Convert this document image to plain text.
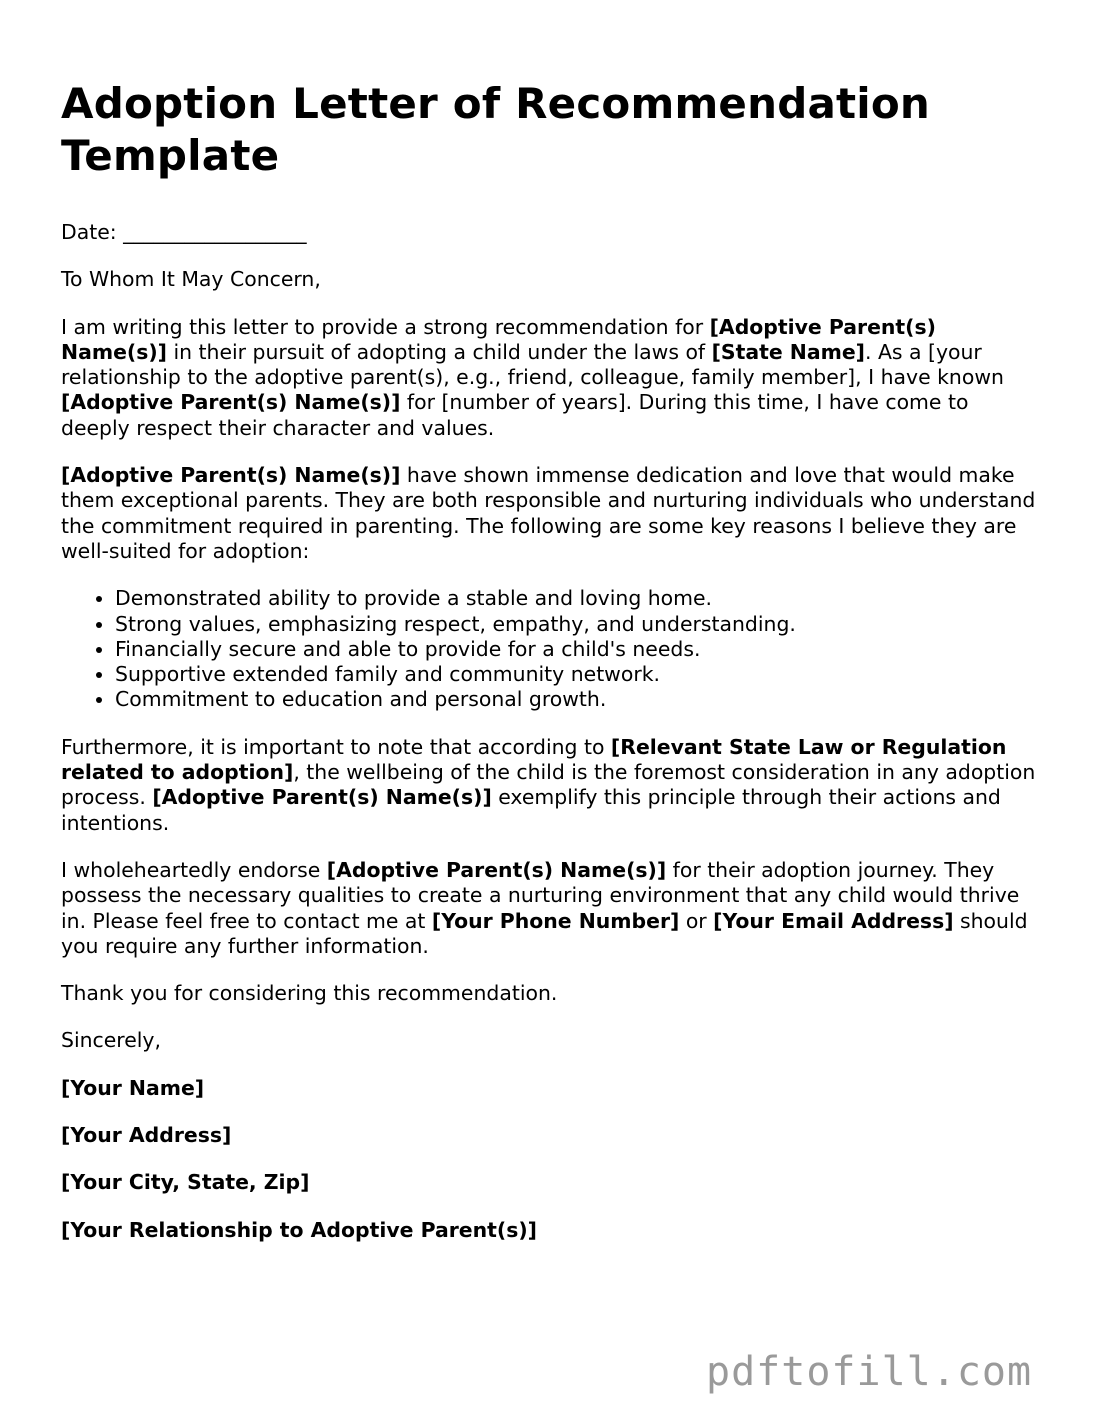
Adoption Letter of Recommendation Template

Date: __________________

To Whom It May Concern,

I am writing this letter to provide a strong recommendation for [Adoptive Parent(s) Name(s)] in their pursuit of adopting a child under the laws of [State Name]. As a [your relationship to the adoptive parent(s), e.g., friend, colleague, family member], I have known [Adoptive Parent(s) Name(s)] for [number of years]. During this time, I have come to deeply respect their character and values.

[Adoptive Parent(s) Name(s)] have shown immense dedication and love that would make them exceptional parents. They are both responsible and nurturing individuals who understand the commitment required in parenting. The following are some key reasons I believe they are well-suited for adoption:

• Demonstrated ability to provide a stable and loving home.
• Strong values, emphasizing respect, empathy, and understanding.
• Financially secure and able to provide for a child's needs.
• Supportive extended family and community network.
• Commitment to education and personal growth.

Furthermore, it is important to note that according to [Relevant State Law or Regulation related to adoption], the wellbeing of the child is the foremost consideration in any adoption process. [Adoptive Parent(s) Name(s)] exemplify this principle through their actions and intentions.

I wholeheartedly endorse [Adoptive Parent(s) Name(s)] for their adoption journey. They possess the necessary qualities to create a nurturing environment that any child would thrive in. Please feel free to contact me at [Your Phone Number] or [Your Email Address] should you require any further information.

Thank you for considering this recommendation.

Sincerely,

[Your Name]

[Your Address]

[Your City, State, Zip]

[Your Relationship to Adoptive Parent(s)]

pdftofill.com
